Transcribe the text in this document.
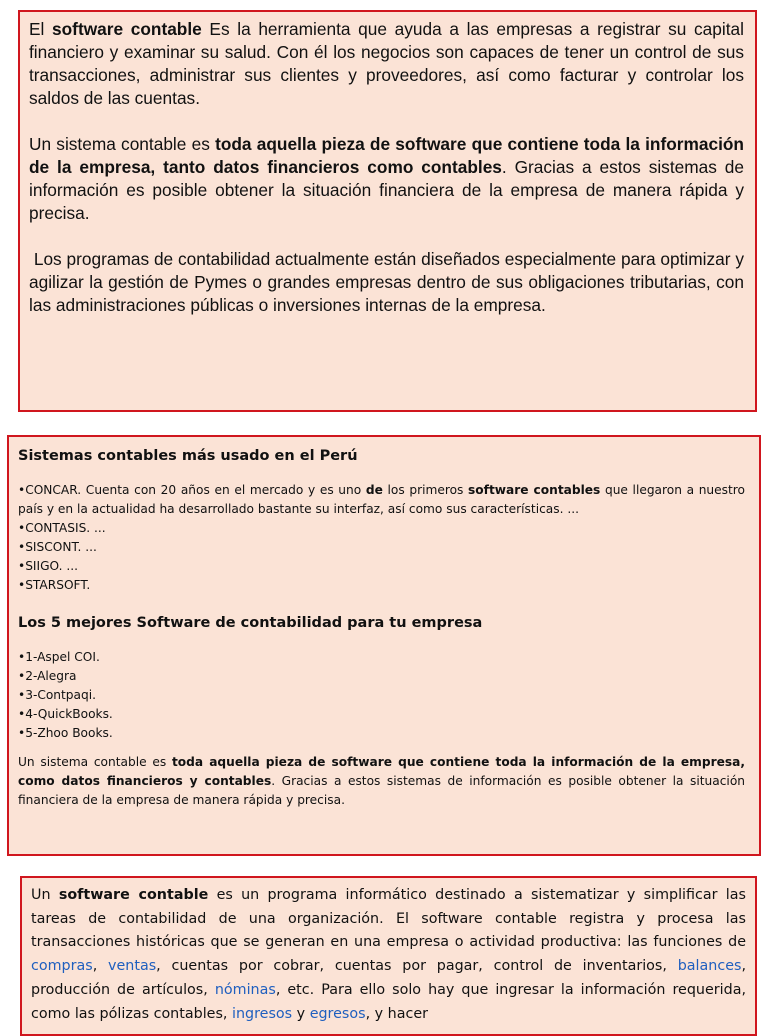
El software contable Es la herramienta que ayuda a las empresas a registrar su capital financiero y examinar su salud. Con él los negocios son capaces de tener un control de sus transacciones, administrar sus clientes y proveedores, así como facturar y controlar los saldos de las cuentas.

Un sistema contable es toda aquella pieza de software que contiene toda la información de la empresa, tanto datos financieros como contables. Gracias a estos sistemas de información es posible obtener la situación financiera de la empresa de manera rápida y precisa.

Los programas de contabilidad actualmente están diseñados especialmente para optimizar y agilizar la gestión de Pymes o grandes empresas dentro de sus obligaciones tributarias, con las administraciones públicas o inversiones internas de la empresa.

Sistemas contables más usado en el Perú
•CONCAR. Cuenta con 20 años en el mercado y es uno de los primeros software contables que llegaron a nuestro país y en la actualidad ha desarrollado bastante su interfaz, así como sus características. ...
•CONTASIS. ...
•SISCONT. ...
•SIIGO. ...
•STARSOFT.
Los 5 mejores Software de contabilidad para tu empresa
•1-Aspel COI.
•2-Alegra
•3-Contpaqi.
•4-QuickBooks.
•5-Zhoo Books.
Un sistema contable es toda aquella pieza de software que contiene toda la información de la empresa, como datos financieros y contables. Gracias a estos sistemas de información es posible obtener la situación financiera de la empresa de manera rápida y precisa.
Un software contable es un programa informático destinado a sistematizar y simplificar las tareas de contabilidad de una organización. El software contable registra y procesa las transacciones históricas que se generan en una empresa o actividad productiva: las funciones de compras, ventas, cuentas por cobrar, cuentas por pagar, control de inventarios, balances, producción de artículos, nóminas, etc. Para ello solo hay que ingresar la información requerida, como las pólizas contables, ingresos y egresos, y hacer
